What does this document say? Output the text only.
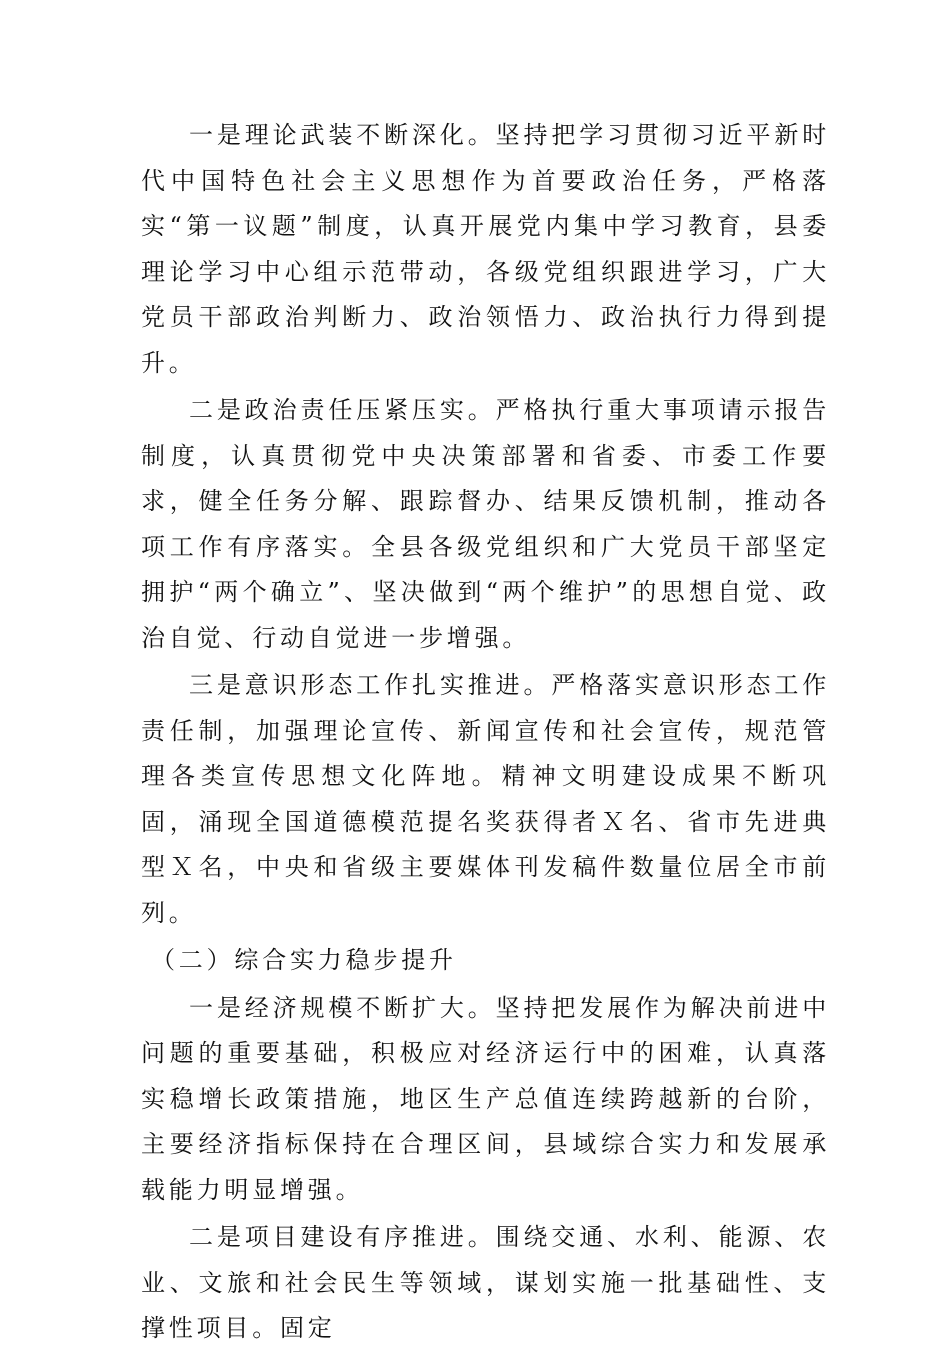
一是理论武装不断深化。坚持把学习贯彻习近平新时代中国特色社会主义思想作为首要政治任务，严格落实“第一议题”制度，认真开展党内集中学习教育，县委理论学习中心组示范带动，各级党组织跟进学习，广大党员干部政治判断力、政治领悟力、政治执行力得到提升。

二是政治责任压紧压实。严格执行重大事项请示报告制度，认真贯彻党中央决策部署和省委、市委工作要求，健全任务分解、跟踪督办、结果反馈机制，推动各项工作有序落实。全县各级党组织和广大党员干部坚定拥护“两个确立”、坚决做到“两个维护”的思想自觉、政治自觉、行动自觉进一步增强。

三是意识形态工作扎实推进。严格落实意识形态工作责任制，加强理论宣传、新闻宣传和社会宣传，规范管理各类宣传思想文化阵地。精神文明建设成果不断巩固，涌现全国道德模范提名奖获得者Ｘ名、省市先进典型Ｘ名，中央和省级主要媒体刊发稿件数量位居全市前列。

（二）综合实力稳步提升

一是经济规模不断扩大。坚持把发展作为解决前进中问题的重要基础，积极应对经济运行中的困难，认真落实稳增长政策措施，地区生产总值连续跨越新的台阶，主要经济指标保持在合理区间，县域综合实力和发展承载能力明显增强。

二是项目建设有序推进。围绕交通、水利、能源、农业、文旅和社会民生等领域，谋划实施一批基础性、支撑性项目。固定
